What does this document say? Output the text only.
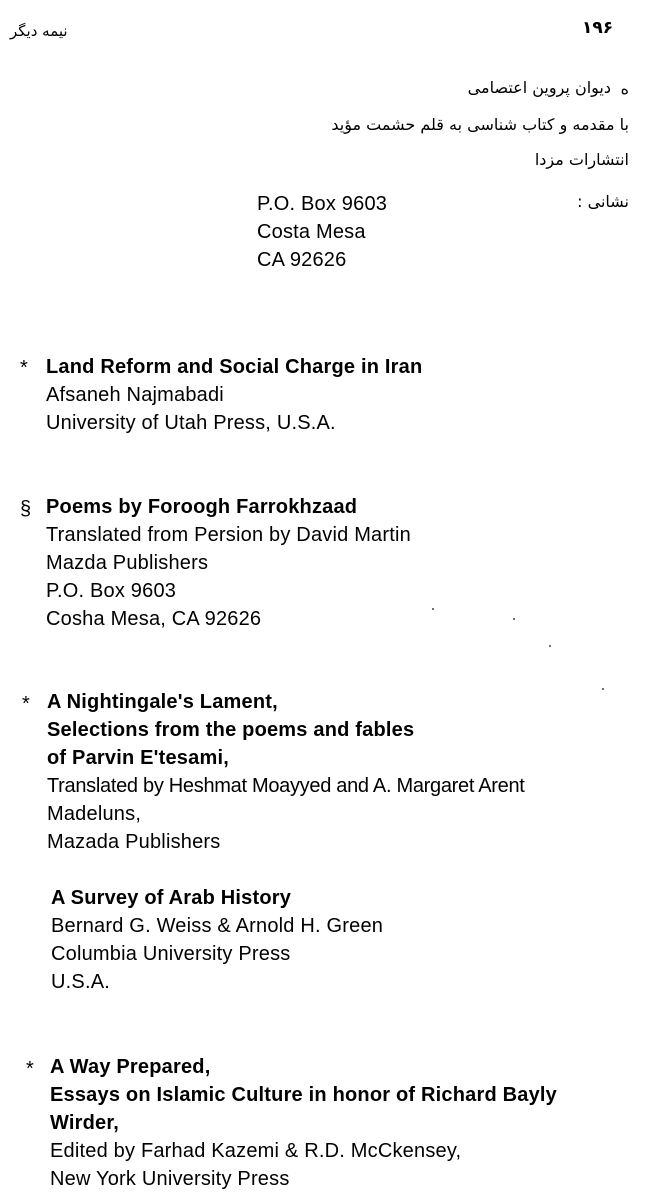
۱۹۶
نیمه دیگر
دیوان پروین اعتصامی ه
با مقدمه و کتاب شناسی به قلم حشمت مؤید
انتشارات مزدا
نشانی :
P.O. Box 9603
Costa Mesa
CA 92626
* Land Reform and Social Charge in Iran
Afsaneh Najmabadi
University of Utah Press, U.S.A.
§ Poems by Foroogh Farrokhzaad
Translated from Persion by David Martin
Mazda Publishers
P.O. Box 9603
Cosha Mesa, CA 92626
* A Nightingale's Lament,
Selections from the poems and fables
of Parvin E'tesami,
Translated by Heshmat Moayyed and A. Margaret Arent
Madeluns,
Mazada Publishers
A Survey of Arab History
Bernard G. Weiss & Arnold H. Green
Columbia University Press
U.S.A.
* A Way Prepared,
Essays on Islamic Culture in honor of Richard Bayly
Wirder,
Edited by Farhad Kazemi & R.D. McCkensey,
New York University Press
